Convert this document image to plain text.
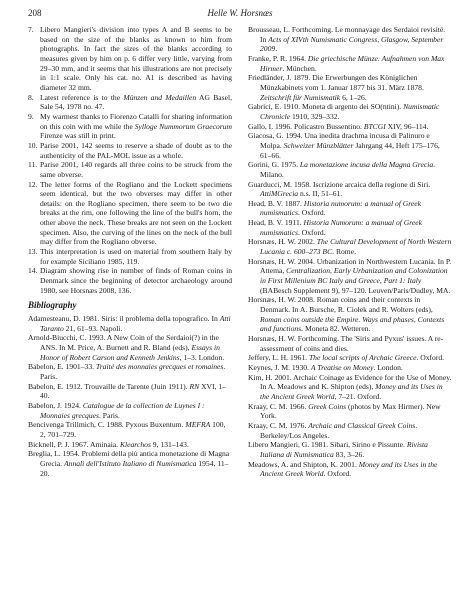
208	Helle W. Horsnæs
7. Libero Mangieri's division into types A and B seems to be based on the size of the blanks as known to him from photographs. In fact the sizes of the blanks according to measures given by him on p. 6 differ very little, varying from 29–30 mm, and it seems that his illustrations are not precisely in 1:1 scale. Only his cat. no. A1 is described as having diameter 32 mm.
8. Latest reference is to the Münzen and Medaillen AG Basel, Sale 54, 1978 no. 47.
9. My warmest thanks to Fiorenzo Catalli for sharing information on this coin with me while the Sylloge Nummorum Graecorum Firenze was still in print.
10. Parise 2001, 142 seems to reserve a shade of doubt as to the authenticity of the PAL-MOL issue as a whole.
11. Parise 2001, 140 regards all three coins to be struck from the same obverse.
12. The letter forms of the Rogliano and the Lockett specimens seem identical, but the two obverses may differ in other details: on the Rogliano specimen, there seem to be two die breaks at the rim, one following the line of the bull's horn, the other above the neck. These breaks are not seen on the Lockett specimen. Also, the curving of the lines on the neck of the bull may differ from the Rogliano obverse.
13. This interpretation is used on material from southern Italy by for example Siciliano 1985, 119.
14. Diagram showing rise in number of finds of Roman coins in Denmark since the beginning of detector archaeology around 1980, see Horsnæs 2008, 136.
Bibliography

Adamesteanu, D. 1981. Siris: il problema della topografico. In Atti Taranto 21, 61–93. Napoli.

Arnold-Biucchi, C. 1993. A New Coin of the Serdaioi(?) in the ANS. In M. Price, A. Burnett and R. Bland (eds), Essays in Honor of Robert Carson and Kenneth Jenkins, 1–3. London.

Babelon, E. 1901–33. Traité des monnaies grecques et romaines. Paris.

Babelon, E. 1912. Trouvaille de Tarente (Juin 1911). RN XVI, 1–40.

Babelon, J. 1924. Catalogue de la collection de Luynes I : Monnaies grecques. Paris.

Bencivenga Trillmich, C. 1988. Pyxous Buxentum. MEFRA 100, 2, 701–729.

Bicknell, P. J. 1967. Aminaia. Klearchos 9, 131–143.

Breglia, L. 1954. Problemi della più antica monetazione di Magna Grecia. Annali dell'Istituto Italiano di Numismatica 1954, 11–20.

Brousseau, L. Forthcoming. Le monnayage des Serdaioi revisité. In Acts of XIVth Numismatic Congress, Glasgow, September 2009.

Franke, P. R. 1964. Die griechische Münze. Aufnahmen von Max Hirmer. München.

Friedländer, J. 1879. Die Erwerbungen des Königlichen Münzkabinets vom 1. Januar 1877 bis 31. März 1878. Zeitschrift für Numismatik 6, 1–26.

Gabrici, E. 1910. Moneta di argento dei SO(ntini). Numismatic Chronicle 1910, 329–332.

Gallo, I. 1996. Policastro Bussentino. BTCGI XIV, 96–114.

Giacosa, G. 1994. Una inedita drachma incusa di Palinuro e Molpa. Schweizer Münzblätter Jahrgang 44, Heft 175–176, 61–66.

Gorini, G. 1975. La monetazione incusa della Magna Grecia. Milano.

Guarducci, M. 1958. Iscrizione arcaica della regione di Siri. AttiMGrecia n.s. II, 51–61.

Head, B. V. 1887. Historia numorum: a manual of Greek numismatics. Oxford.

Head, B. V. 1911. Historia Numorum: a manual of Greek numismatics. Oxford.

Horsnæs, H. W. 2002. The Cultural Development of North Western Lucania c. 600–273 BC. Rome.

Horsnæs, H. W. 2004. Urbanization in Northwestern Lucania. In P. Attema, Centralization, Early Urbanization and Colonization in First Millenium BC Italy and Greece, Part 1: Italy (BABesch Supplement 9), 97–120. Leuven/Paris/Dudley, MA.

Horsnæs, H. W. 2008. Roman coins and their contexts in Denmark. In A. Bursche, R. Ciołek and R. Wolters (eds), Roman coins outside the Empire. Ways and phases, Contexts and functions. Moneta 82. Wetteren.

Horsnæs, H. W. Forthcoming. The 'Siris and Pyxus' issues. A re-assessment of coins and dies.

Jeffery, L. H. 1961. The local scripts of Archaic Greece. Oxford.

Keynes, J. M. 1930. A Treatise on Money. London.

Kim, H. 2001. Archaic Coinage as Evidence for the Use of Money. In A. Meadows and K. Shipton (eds), Money and its Uses in the Ancient Greek World, 7–21. Oxford.

Kraay, C. M. 1966. Greek Coins (photos by Max Hirmer). New York.

Kraay, C. M. 1976. Archaic and Classical Greek Coins. Berkeley/Los Angeles.

Libero Mangieri, G. 1981. Sibari, Sirino e Pissunte. Rivista Italiana di Numismatica 83, 3–26.

Meadows, A. and Shipton, K. 2001. Money and its Uses in the Ancient Greek World. Oxford.
